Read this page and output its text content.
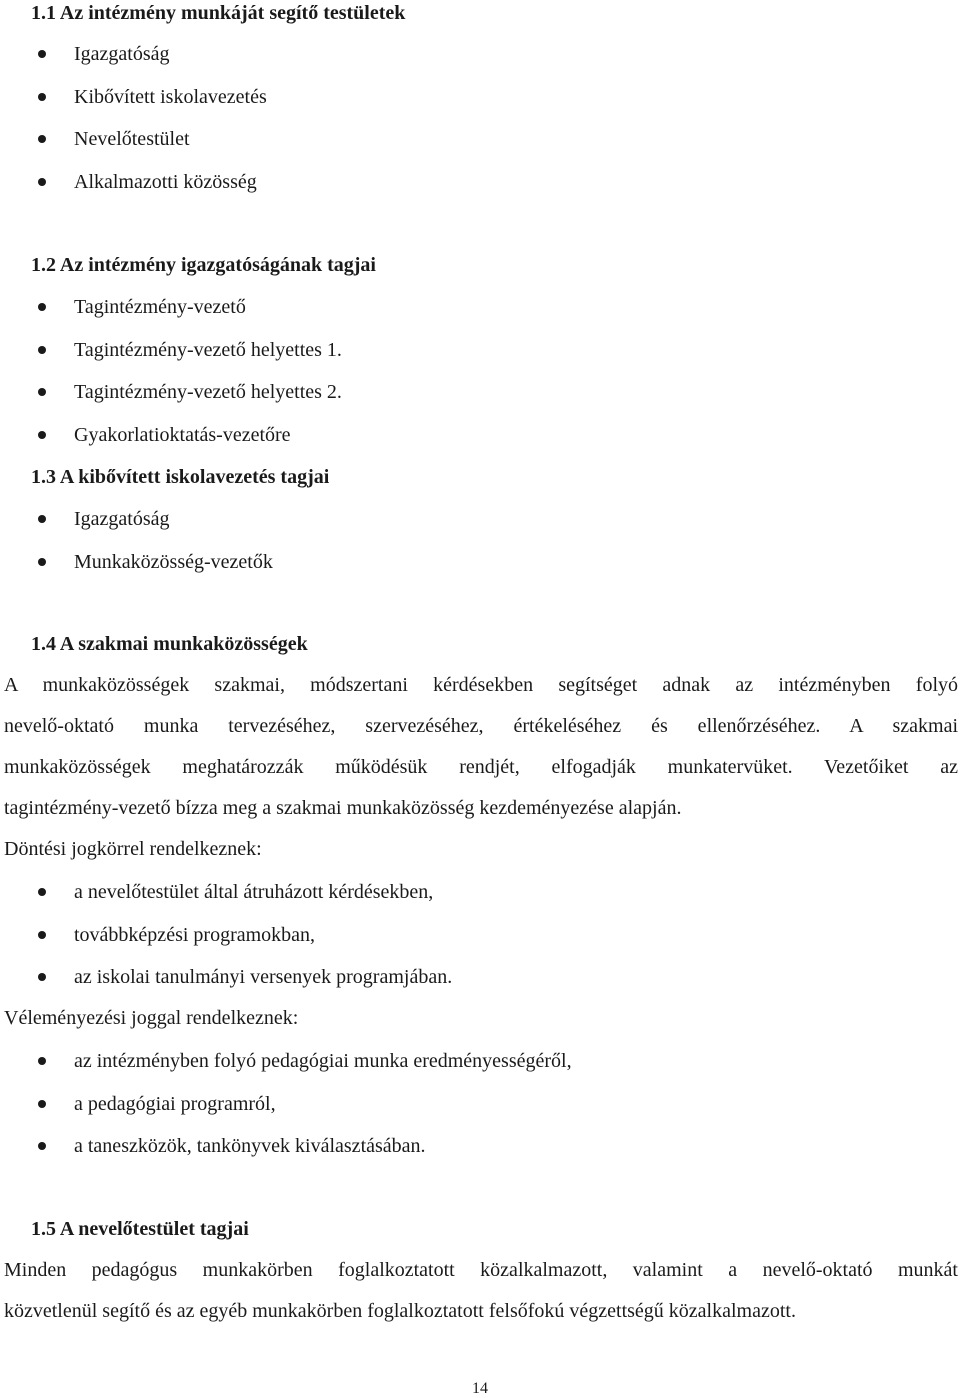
1.1 Az intézmény munkáját segítő testületek
Igazgatóság
Kibővített iskolavezetés
Nevelőtestület
Alkalmazotti közösség
1.2 Az intézmény igazgatóságának tagjai
Tagintézmény-vezető
Tagintézmény-vezető helyettes 1.
Tagintézmény-vezető helyettes 2.
Gyakorlatioktatás-vezetőre
1.3 A kibővített iskolavezetés tagjai
Igazgatóság
Munkaközösség-vezetők
1.4 A szakmai munkaközösségek
A munkaközösségek szakmai, módszertani kérdésekben segítséget adnak az intézményben folyó
nevelő-oktató munka tervezéséhez, szervezéséhez, értékeléséhez és ellenőrzéséhez. A szakmai
munkaközösségek meghatározzák működésük rendjét, elfogadják munkatervüket. Vezetőiket az
tagintézmény-vezető bízza meg a szakmai munkaközösség kezdeményezése alapján.
Döntési jogkörrel rendelkeznek:
a nevelőtestület által átruházott kérdésekben,
továbbképzési programokban,
az iskolai tanulmányi versenyek programjában.
Véleményezési joggal rendelkeznek:
az intézményben folyó pedagógiai munka eredményességéről,
a pedagógiai programról,
a taneszközök, tankönyvek kiválasztásában.
1.5 A nevelőtestület tagjai
Minden pedagógus munkakörben foglalkoztatott közalkalmazott, valamint a nevelő-oktató munkát
közvetlenül segítő és az egyéb munkakörben foglalkoztatott felsőfokú végzettségű közalkalmazott.
14
